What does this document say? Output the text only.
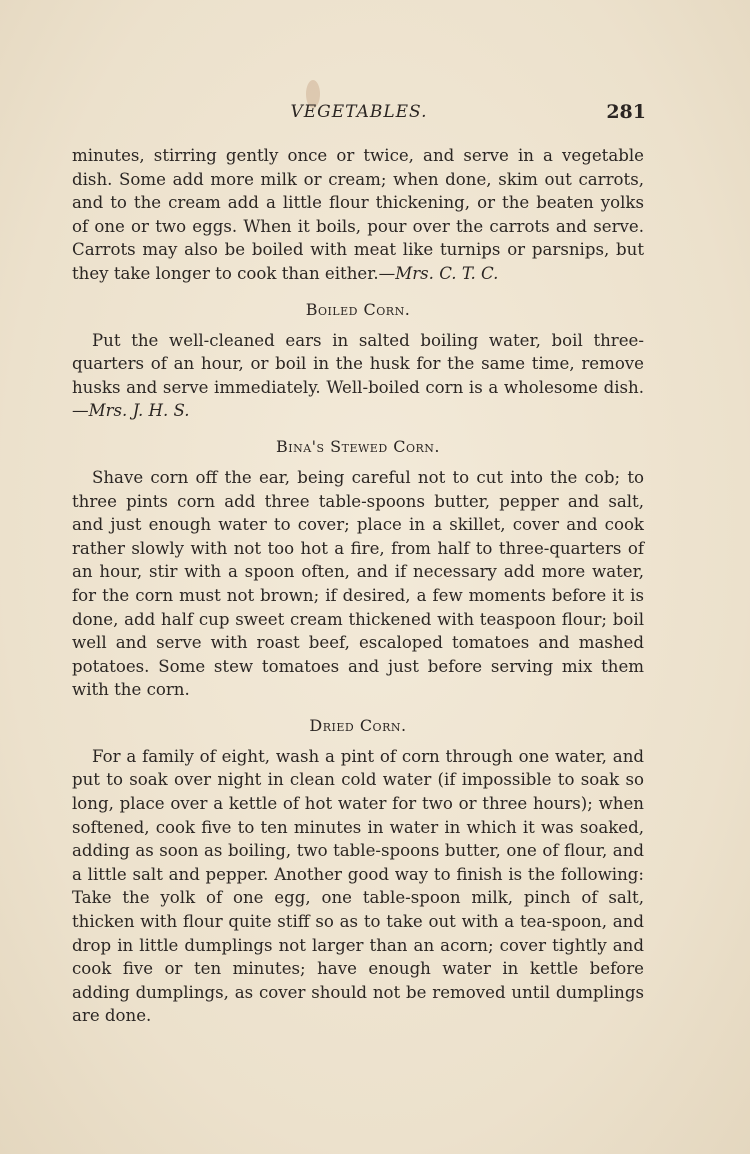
VEGETABLES.	281

minutes, stirring gently once or twice, and serve in a vegetable dish. Some add more milk or cream; when done, skim out carrots, and to the cream add a little flour thickening, or the beaten yolks of one or two eggs. When it boils, pour over the carrots and serve. Carrots may also be boiled with meat like turnips or parsnips, but they take longer to cook than either.—Mrs. C. T. C.

Boiled Corn.

Put the well-cleaned ears in salted boiling water, boil three-quarters of an hour, or boil in the husk for the same time, remove husks and serve immediately. Well-boiled corn is a wholesome dish.—Mrs. J. H. S.

Bina's Stewed Corn.

Shave corn off the ear, being careful not to cut into the cob; to three pints corn add three table-spoons butter, pepper and salt, and just enough water to cover; place in a skillet, cover and cook rather slowly with not too hot a fire, from half to three-quarters of an hour, stir with a spoon often, and if necessary add more water, for the corn must not brown; if desired, a few moments before it is done, add half cup sweet cream thickened with teaspoon flour; boil well and serve with roast beef, escaloped tomatoes and mashed potatoes. Some stew tomatoes and just before serving mix them with the corn.

Dried Corn.

For a family of eight, wash a pint of corn through one water, and put to soak over night in clean cold water (if impossible to soak so long, place over a kettle of hot water for two or three hours); when softened, cook five to ten minutes in water in which it was soaked, adding as soon as boiling, two table-spoons butter, one of flour, and a little salt and pepper. Another good way to finish is the following: Take the yolk of one egg, one table-spoon milk, pinch of salt, thicken with flour quite stiff so as to take out with a tea-spoon, and drop in little dumplings not larger than an acorn; cover tightly and cook five or ten minutes; have enough water in kettle before adding dumplings, as cover should not be removed until dumplings are done.
